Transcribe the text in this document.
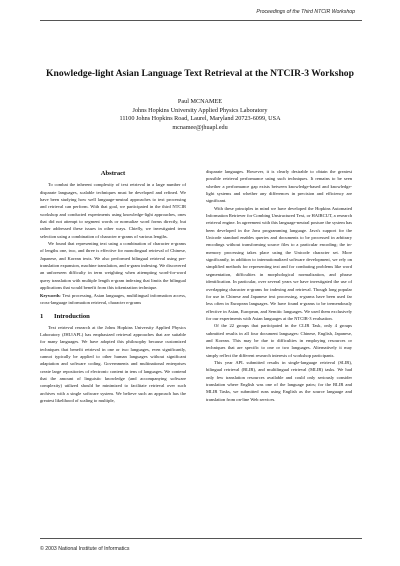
Proceedings of the Third NTCIR Workshop
Knowledge-light Asian Language Text Retrieval at the NTCIR-3 Workshop
Paul MCNAMEE
Johns Hopkins University Applied Physics Laboratory
11100 Johns Hopkins Road, Laurel, Maryland 20723-6099, USA
mcnamee@jhuapl.edu
Abstract

To combat the inherent complexity of text retrieval in a large number of disparate languages, scalable techniques must be developed and refined. We have been studying how well language-neutral approaches to text processing and retrieval can perform. With that goal, we participated in the third NTCIR workshop and conducted experiments using knowledge-light approaches, ones that did not attempt to segment words or normalize word forms directly, but rather addressed these issues in other ways. Chiefly, we investigated term selection using a combination of character n-grams of various lengths.

We found that representing text using a combination of character n-grams of lengths one, two, and three is effective for monolingual retrieval of Chinese, Japanese, and Korean texts. We also performed bilingual retrieval using pre-translation expansion, machine translation, and n-gram indexing. We discovered an unforeseen difficulty in term weighting when attempting word-for-word query translation with multiple length n-gram indexing that limits the bilingual applications that would benefit from this tokenization technique.

Keywords: Text processing, Asian languages, multilingual information access, cross-language information retrieval, character n-grams

1 Introduction

Text retrieval research at the Johns Hopkins University Applied Physics Laboratory (JHU/APL) has emphasized retrieval approaches that are suitable for many languages. We have adopted this philosophy because customized techniques that benefit retrieval in one or two languages, even significantly, cannot typically be applied to other human languages without significant adaptation and software coding. Governments and multinational enterprises create large repositories of electronic content in tens of languages. We contend that the amount of linguistic knowledge (and accompanying software complexity) utilized should be minimized to facilitate retrieval over such archives with a single software system. We believe such an approach has the greatest likelihood of scaling to multiple,

disparate languages. However, it is clearly desirable to obtain the greatest possible retrieval performance using such techniques. It remains to be seen whether a performance gap exists between knowledge-based and knowledge-light systems and whether any differences in precision and efficiency are significant.

With these principles in mind we have developed the Hopkins Automated Information Retriever for Combing Unstructured Text, or HAIRCUT, a research retrieval engine. In agreement with this language-neutral posture the system has been developed in the Java programming language. Java's support for the Unicode standard enables queries and documents to be processed in arbitrary encodings without transforming source files to a particular encoding; the in-memory processing takes place using the Unicode character set. More significantly, in addition to internationalized software development, we rely on simplified methods for representing text and for combating problems like word segmentation, difficulties in morphological normalization, and phrase identification. In particular, over several years we have investigated the use of overlapping character n-grams for indexing and retrieval. Though long popular for use in Chinese and Japanese text processing, n-grams have been used far less often in European languages. We have found n-grams to be tremendously effective in Asian, European, and Semitic languages. We used them exclusively for our experiments with Asian languages at the NTCIR-3 evaluation.

Of the 22 groups that participated in the CLIR Task, only 4 groups submitted results in all four document languages: Chinese, English, Japanese, and Korean. This may be due to difficulties in employing resources or techniques that are specific to one or two languages. Alternatively it may simply reflect the different research interests of workshop participants.

This year APL submitted results in single-language retrieval (SLIR), bilingual retrieval (BLIR), and multilingual retrieval (MLIR) tasks. We had only few translation resources available and could only seriously consider translation where English was one of the language pairs; for the BLIR and MLIR Tasks, we submitted runs using English as the source language and translation from on-line Web services.

© 2003 National Institute of Informatics
